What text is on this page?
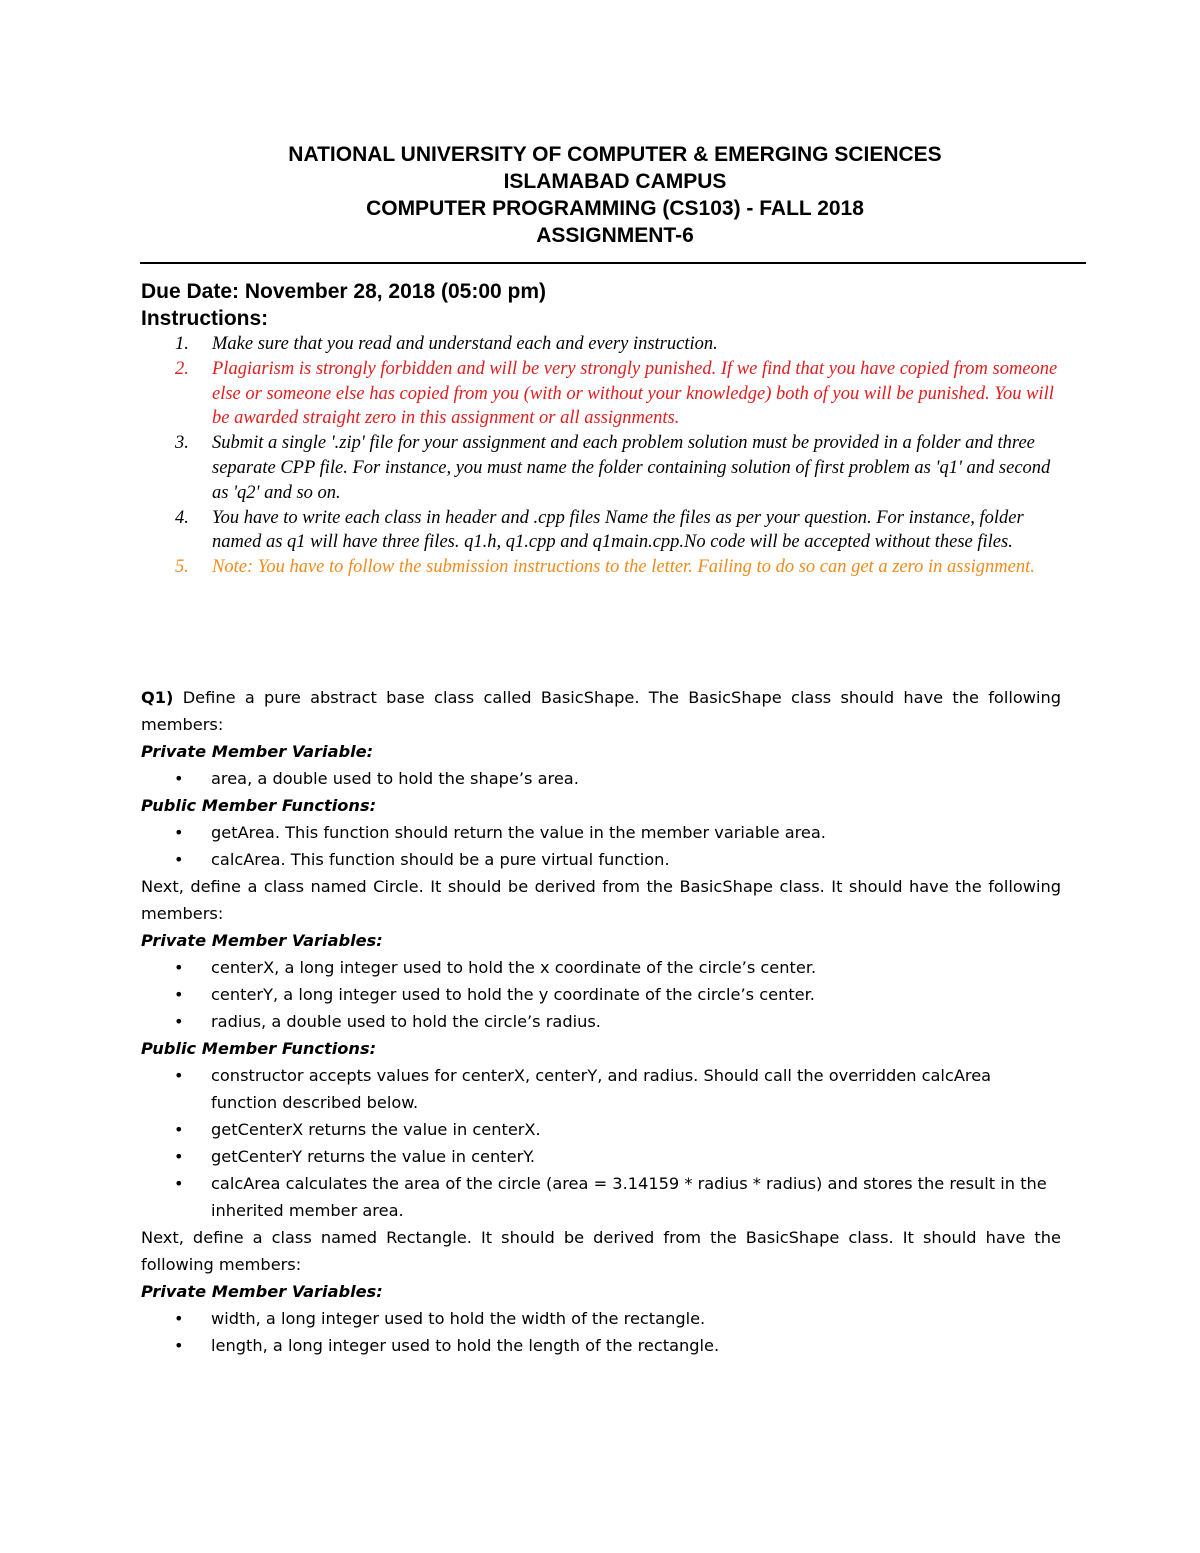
NATIONAL UNIVERSITY OF COMPUTER & EMERGING SCIENCES
ISLAMABAD CAMPUS
COMPUTER PROGRAMMING (CS103) - FALL 2018
ASSIGNMENT-6
Due Date: November 28, 2018 (05:00 pm)
Instructions:
1. Make sure that you read and understand each and every instruction.
2. Plagiarism is strongly forbidden and will be very strongly punished. If we find that you have copied from someone else or someone else has copied from you (with or without your knowledge) both of you will be punished. You will be awarded straight zero in this assignment or all assignments.
3. Submit a single '.zip' file for your assignment and each problem solution must be provided in a folder and three separate CPP file. For instance, you must name the folder containing solution of first problem as 'q1' and second as 'q2' and so on.
4. You have to write each class in header and .cpp files Name the files as per your question. For instance, folder named as q1 will have three files. q1.h, q1.cpp and q1main.cpp.No code will be accepted without these files.
5. Note: You have to follow the submission instructions to the letter. Failing to do so can get a zero in assignment.

Q1) Define a pure abstract base class called BasicShape. The BasicShape class should have the following members:

Private Member Variable:

• area, a double used to hold the shape’s area.

Public Member Functions:

• getArea. This function should return the value in the member variable area.
• calcArea. This function should be a pure virtual function.

Next, define a class named Circle. It should be derived from the BasicShape class. It should have the following members:

Private Member Variables:

• centerX, a long integer used to hold the x coordinate of the circle’s center.
• centerY, a long integer used to hold the y coordinate of the circle’s center.
• radius, a double used to hold the circle’s radius.

Public Member Functions:

• constructor accepts values for centerX, centerY, and radius. Should call the overridden calcArea function described below.
• getCenterX returns the value in centerX.
• getCenterY returns the value in centerY.
• calcArea calculates the area of the circle (area = 3.14159 * radius * radius) and stores the result in the inherited member area.

Next, define a class named Rectangle. It should be derived from the BasicShape class. It should have the following members:

Private Member Variables:

• width, a long integer used to hold the width of the rectangle.
• length, a long integer used to hold the length of the rectangle.
